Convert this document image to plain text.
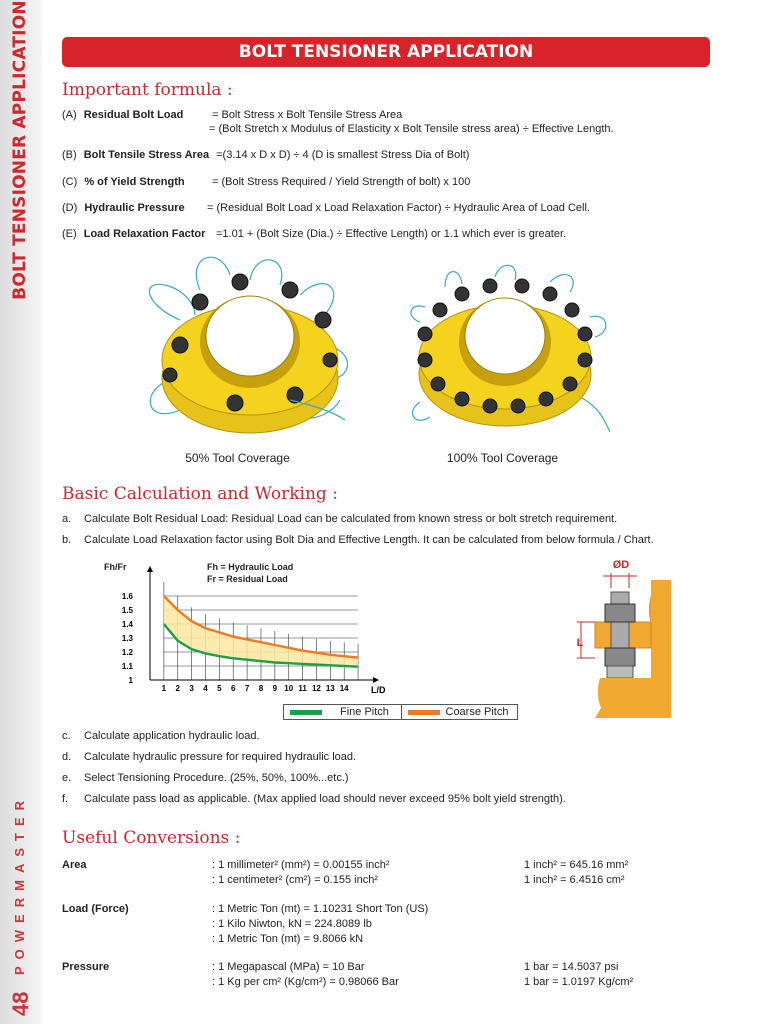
BOLT TENSIONER APPLICATION
POWERMASTER
48
BOLT TENSIONER APPLICATION
Important formula :
(A) Residual Bolt Load	= Bolt Stress x Bolt Tensile Stress Area
= (Bolt Stretch x Modulus of Elasticity x Bolt Tensile stress area) ÷ Effective Length.
(B) Bolt Tensile Stress Area =(3.14 x D x D) ÷ 4 (D is smallest Stress Dia of Bolt)
(C) % of Yield Strength = (Bolt Stress Required / Yield Strength of bolt) x 100
(D) Hydraulic Pressure = (Residual Bolt Load x Load Relaxation Factor) ÷ Hydraulic Area of Load Cell.
(E) Load Relaxation Factor =1.01 + (Bolt Size (Dia.) ÷ Effective Length) or 1.1 which ever is greater.
50% Tool Coverage	100% Tool Coverage
Basic Calculation and Working :
a. Calculate Bolt Residual Load: Residual Load can be calculated from known stress or bolt stretch requirement.
b. Calculate Load Relaxation factor using Bolt Dia and Effective Length. It can be calculated from below formula / Chart.
Fh/Fr	Fh = Hydraulic Load
Fr = Residual Load
1
1.1
1.2
1.3
1.4
1.5
1.6
1 2 3 4 5 6 7 8 9 10 11 12 13 14 L/D
Fine Pitch	Coarse Pitch
ØD
L
c. Calculate application hydraulic load.
d. Calculate hydraulic pressure for required hydraulic load.
e. Select Tensioning Procedure. (25%, 50%, 100%...etc.)
f. Calculate pass load as applicable. (Max applied load should never exceed 95% bolt yield strength).
Useful Conversions :
Area	: 1 millimeter² (mm²) = 0.00155 inch²	1 inch² = 645.16 mm²
: 1 centimeter² (cm²) = 0.155 inch²	1 inch² = 6.4516 cm²
Load (Force)	: 1 Metric Ton (mt) = 1.10231 Short Ton (US)
: 1 Kilo Niwton, kN = 224.8089 lb
: 1 Metric Ton (mt) = 9.8066 kN
Pressure	: 1 Megapascal (MPa) = 10 Bar	1 bar = 14.5037 psi
: 1 Kg per cm² (Kg/cm²) = 0.98066 Bar	1 bar = 1.0197 Kg/cm²
